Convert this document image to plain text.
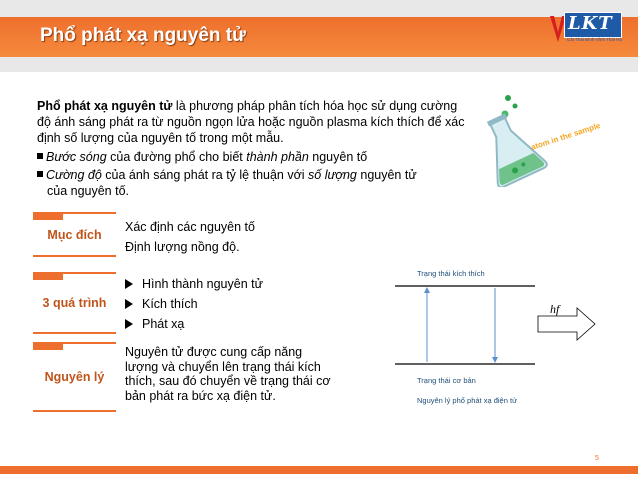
Phổ phát xạ nguyên tử
LKT
Cát Thái Bình Vĩnh Thái Hà
Phổ phát xạ nguyên tử là phương pháp phân tích hóa học sử dụng cường độ ánh sáng phát ra từ nguồn ngọn lửa hoặc nguồn plasma kích thích để xác định số lượng của nguyên tố trong một mẫu.
Bước sóng của đường phổ cho biết thành phần nguyên tố
Cường độ của ánh sáng phát ra tỷ lệ thuận với số lượng nguyên tử
của nguyên tố.
atom in the sample
Mục đích
Xác định các nguyên tố
Định lượng nồng độ.
3 quá trình
Hình thành nguyên tử
Kích thích
Phát xạ
Nguyên lý
Nguyên tử được cung cấp năng
lượng và chuyển lên trạng thái kích
thích, sau đó chuyển về trạng thái cơ
bản phát ra bức xạ điện tử.
Trạng thái kích thích
Trạng thái cơ bản
Nguyên lý phổ phát xạ điện tử
hf
5
